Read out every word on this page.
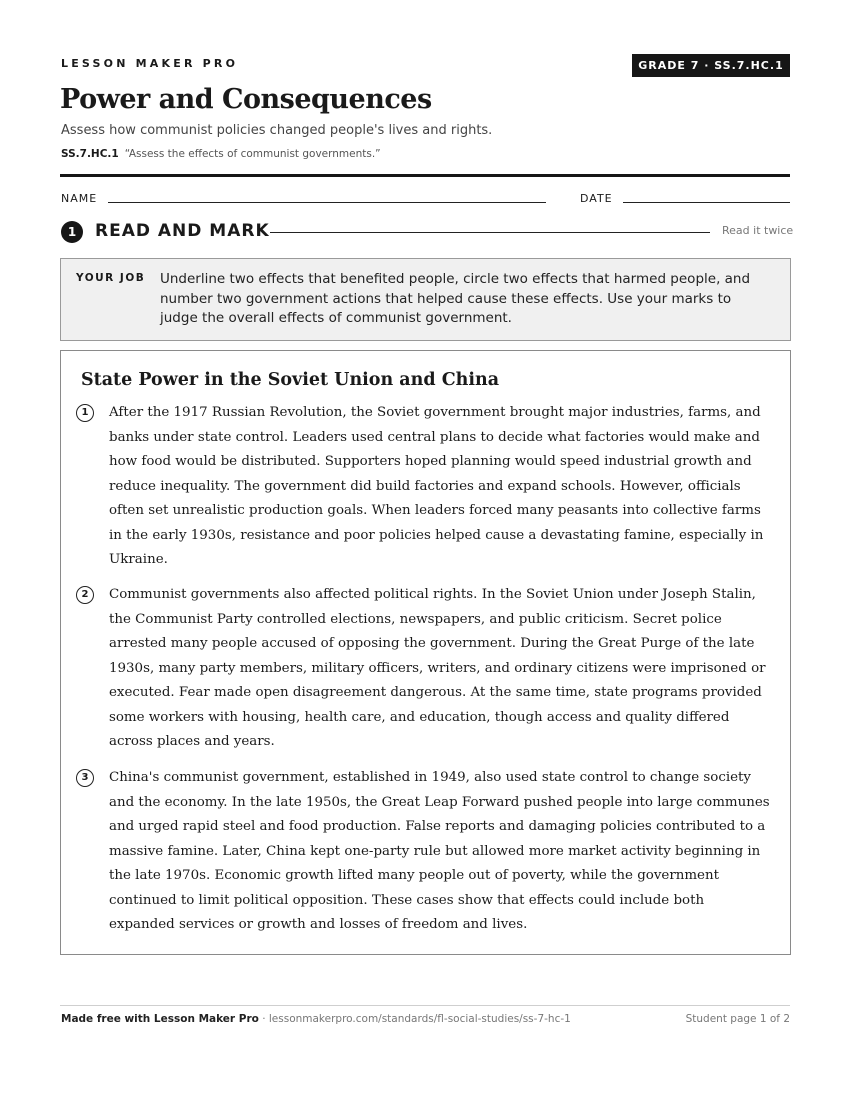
LESSON MAKER PRO	GRADE 7 · SS.7.HC.1
Power and Consequences
Assess how communist policies changed people's lives and rights.
SS.7.HC.1 “Assess the effects of communist governments.”
NAME	DATE
1	READ AND MARK	Read it twice
YOUR JOB Underline two effects that benefited people, circle two effects that harmed people, and number two government actions that helped cause these effects. Use your marks to judge the overall effects of communist government.
State Power in the Soviet Union and China
1	After the 1917 Russian Revolution, the Soviet government brought major industries, farms, and banks under state control. Leaders used central plans to decide what factories would make and how food would be distributed. Supporters hoped planning would speed industrial growth and reduce inequality. The government did build factories and expand schools. However, officials often set unrealistic production goals. When leaders forced many peasants into collective farms in the early 1930s, resistance and poor policies helped cause a devastating famine, especially in Ukraine.

2	Communist governments also affected political rights. In the Soviet Union under Joseph Stalin, the Communist Party controlled elections, newspapers, and public criticism. Secret police arrested many people accused of opposing the government. During the Great Purge of the late 1930s, many party members, military officers, writers, and ordinary citizens were imprisoned or executed. Fear made open disagreement dangerous. At the same time, state programs provided some workers with housing, health care, and education, though access and quality differed across places and years.

3	China's communist government, established in 1949, also used state control to change society and the economy. In the late 1950s, the Great Leap Forward pushed people into large communes and urged rapid steel and food production. False reports and damaging policies contributed to a massive famine. Later, China kept one-party rule but allowed more market activity beginning in the late 1970s. Economic growth lifted many people out of poverty, while the government continued to limit political opposition. These cases show that effects could include both expanded services or growth and losses of freedom and lives.

Made free with Lesson Maker Pro · lessonmakerpro.com/standards/fl-social-studies/ss-7-hc-1	Student page 1 of 2
